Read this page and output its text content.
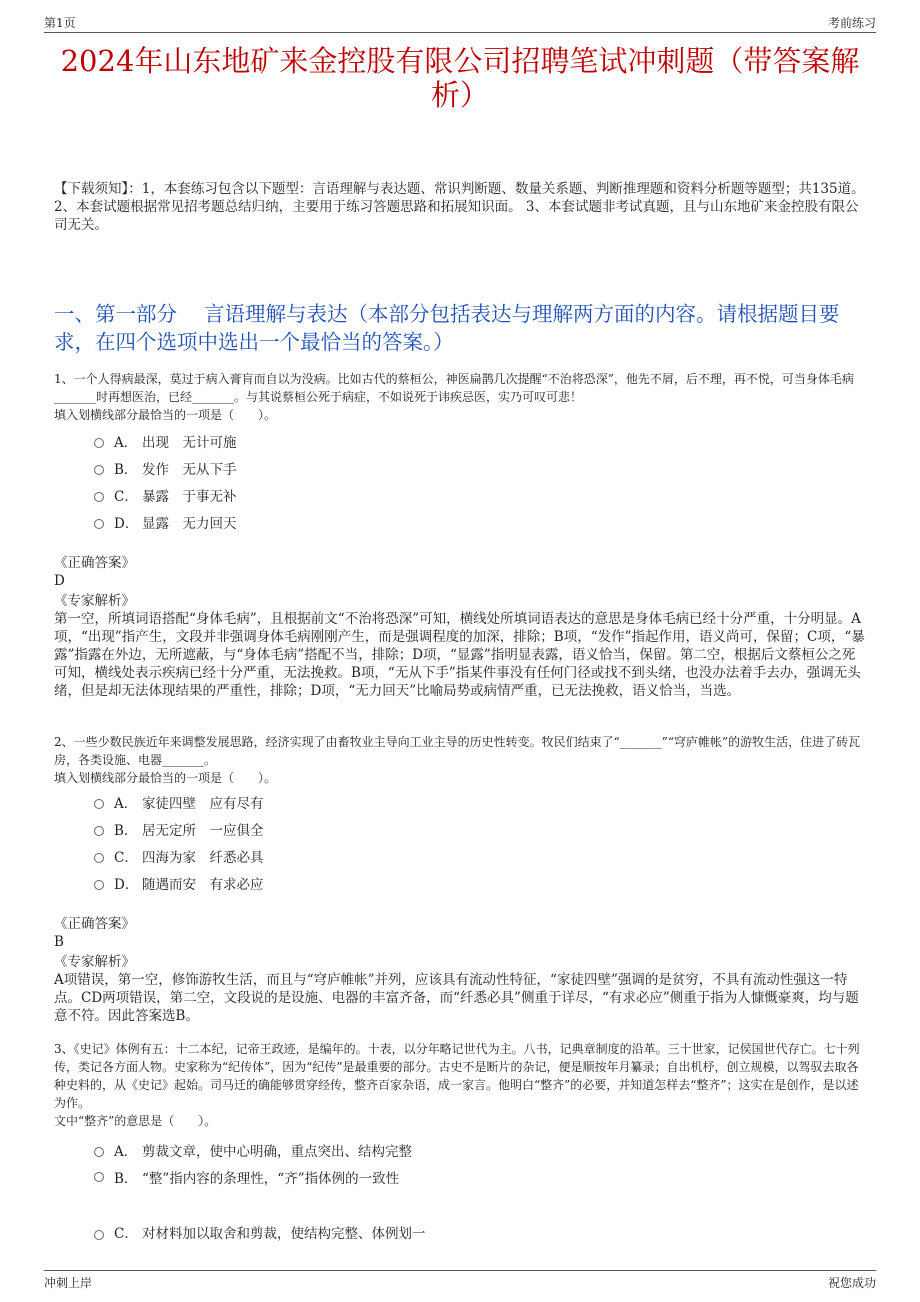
第1页	考前练习
2024年山东地矿来金控股有限公司招聘笔试冲刺题（带答案解析）
【下载须知】：1，本套练习包含以下题型：言语理解与表达题、常识判断题、数量关系题、判断推理题和资料分析题等题型；共135道。 2、本套试题根据常见招考题总结归纳，主要用于练习答题思路和拓展知识面。 3、本套试题非考试真题，且与山东地矿来金控股有限公司无关。
一、第一部分　 言语理解与表达（本部分包括表达与理解两方面的内容。请根据题目要求，在四个选项中选出一个最恰当的答案。）
1、一个人得病最深，莫过于病入膏肓而自以为没病。比如古代的蔡桓公，神医扁鹊几次提醒“不治将恐深”，他先不屑，后不理，再不悦，可当身体毛病_______时再想医治，已经_______。与其说蔡桓公死于病症，不如说死于讳疾忌医，实乃可叹可悲！
填入划横线部分最恰当的一项是（　　）。
A． 出现　无计可施
B． 发作　无从下手
C． 暴露　于事无补
D． 显露　无力回天
《正确答案》
D
《专家解析》
第一空，所填词语搭配“身体毛病”，且根据前文“不治将恐深”可知，横线处所填词语表达的意思是身体毛病已经十分严重，十分明显。A项，“出现”指产生，文段并非强调身体毛病刚刚产生，而是强调程度的加深，排除；B项，“发作”指起作用，语义尚可，保留；C项，“暴露”指露在外边，无所遮蔽，与“身体毛病”搭配不当，排除；D项，“显露”指明显表露，语义恰当，保留。第二空，根据后文蔡桓公之死可知，横线处表示疾病已经十分严重，无法挽救。B项，“无从下手”指某件事没有任何门径或找不到头绪，也没办法着手去办，强调无头绪，但是却无法体现结果的严重性，排除；D项，“无力回天”比喻局势或病情严重，已无法挽救，语义恰当，当选。
2、一些少数民族近年来调整发展思路，经济实现了由畜牧业主导向工业主导的历史性转变。牧民们结束了“_______”“穹庐帷帐”的游牧生活，住进了砖瓦房，各类设施、电器_______。
填入划横线部分最恰当的一项是（　　）。
A． 家徒四壁　应有尽有
B． 居无定所　一应俱全
C． 四海为家　纤悉必具
D． 随遇而安　有求必应
《正确答案》
B
《专家解析》
A项错误，第一空，修饰游牧生活，而且与“穹庐帷帐”并列，应该具有流动性特征，“家徒四壁”强调的是贫穷，不具有流动性强这一特点。CD两项错误，第二空，文段说的是设施、电器的丰富齐备，而“纤悉必具”侧重于详尽，“有求必应”侧重于指为人慷慨豪爽，均与题意不符。因此答案选B。
3、《史记》体例有五：十二本纪，记帝王政迹，是编年的。十表，以分年略记世代为主。八书，记典章制度的沿革。三十世家，记侯国世代存亡。七十列传，类记各方面人物。史家称为“纪传体”，因为“纪传”是最重要的部分。古史不是断片的杂记，便是顺按年月纂录；自出机杼，创立规模，以驾驭去取各种史料的，从《史记》起始。司马迁的确能够贯穿经传，整齐百家杂语，成一家言。他明白“整齐”的必要，并知道怎样去“整齐”；这实在是创作，是以述为作。
文中“整齐”的意思是（　　）。
A． 剪裁文章，使中心明确，重点突出、结构完整
B． “整”指内容的条理性，“齐”指体例的一致性
C． 对材料加以取舍和剪裁，使结构完整、体例划一
冲刺上岸	祝您成功
